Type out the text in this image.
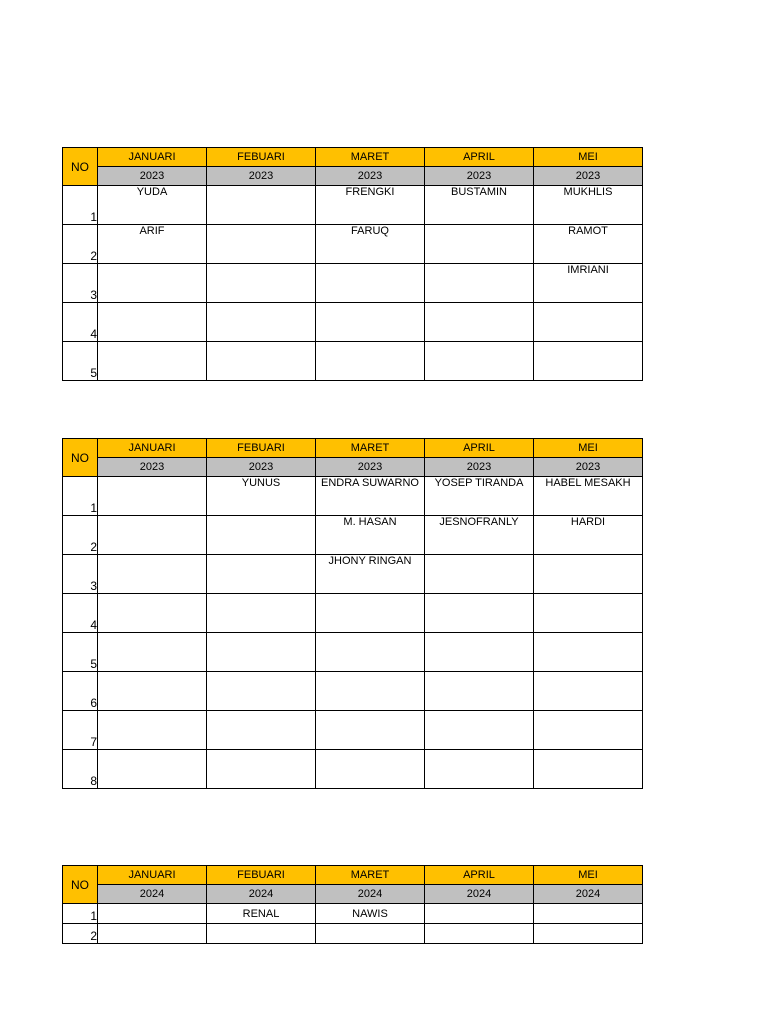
NO	JANUARI	FEBUARI	MARET	APRIL	MEI
	2023	2023	2023	2023	2023
1	YUDA		FRENGKI	BUSTAMIN	MUKHLIS
2	ARIF		FARUQ		RAMOT
3					IMRIANI
4					
5					
NO	JANUARI	FEBUARI	MARET	APRIL	MEI
	2023	2023	2023	2023	2023
1		YUNUS	ENDRA SUWARNO	YOSEP TIRANDA	HABEL MESAKH
2			M. HASAN	JESNOFRANLY	HARDI
3			JHONY RINGAN		
4					
5					
6					
7					
8					
NO	JANUARI	FEBUARI	MARET	APRIL	MEI
	2024	2024	2024	2024	2024
1		RENAL	NAWIS		
2					
